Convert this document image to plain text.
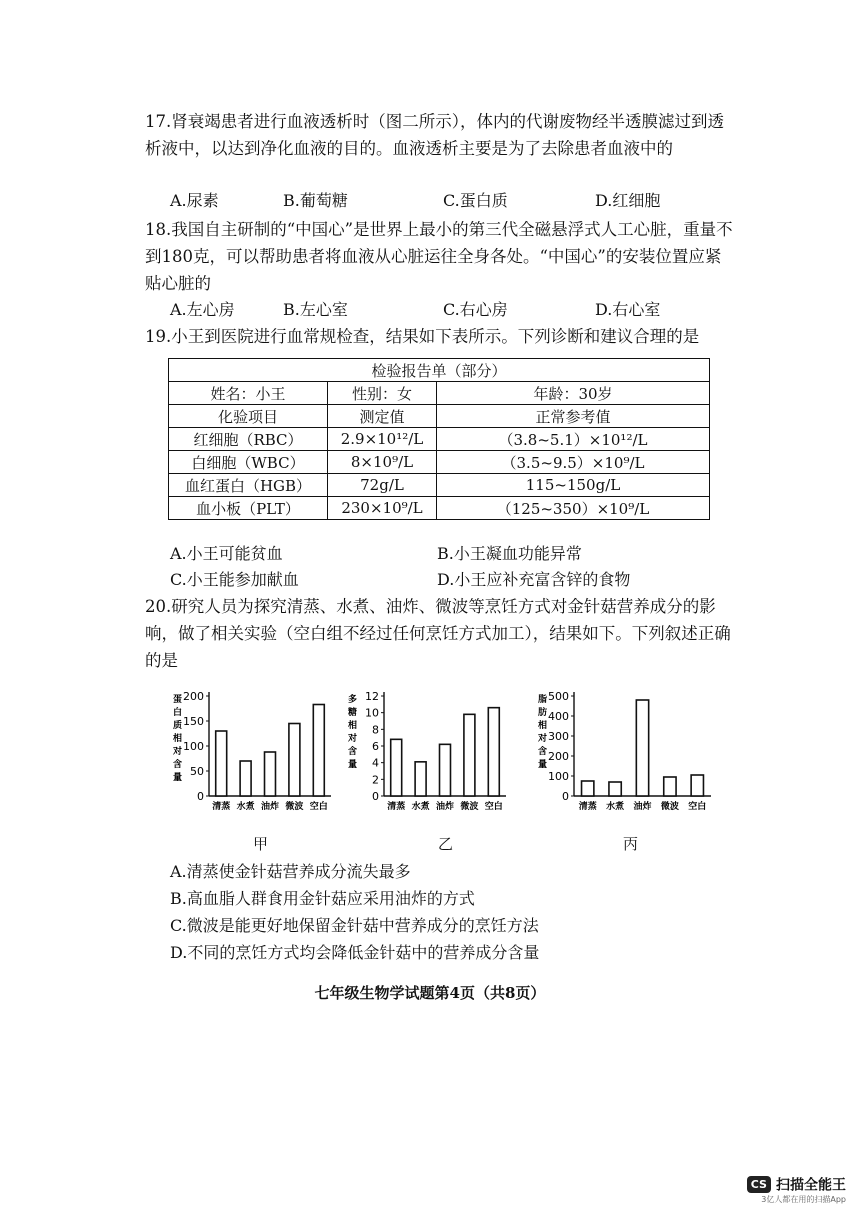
17.肾衰竭患者进行血液透析时（图二所示），体内的代谢废物经半透膜滤过到透析液中，以达到净化血液的目的。血液透析主要是为了去除患者血液中的
A.尿素	B.葡萄糖	C.蛋白质	D.红细胞
18.我国自主研制的“中国心”是世界上最小的第三代全磁悬浮式人工心脏，重量不到180克，可以帮助患者将血液从心脏运往全身各处。“中国心”的安装位置应紧贴心脏的
A.左心房	B.左心室	C.右心房	D.右心室
19.小王到医院进行血常规检查，结果如下表所示。下列诊断和建议合理的是
检验报告单（部分）		
姓名：小王	性别：女	年龄：30岁
化验项目	测定值	正常参考值
红细胞（RBC）	2.9×10¹²/L	（3.8~5.1）×10¹²/L
白细胞（WBC）	8×10⁹/L	（3.5~9.5）×10⁹/L
血红蛋白（HGB）	72g/L	115~150g/L
血小板（PLT）	230×10⁹/L	（125~350）×10⁹/L
A.小王可能贫血	B.小王凝血功能异常
C.小王能参加献血	D.小王应补充富含锌的食物
20.研究人员为探究清蒸、水煮、油炸、微波等烹饪方式对金针菇营养成分的影响，做了相关实验（空白组不经过任何烹饪方式加工），结果如下。下列叙述正确的是
蛋白质相对含量
0
50
100
150
200
清蒸 水煮 油炸 微波 空白
多糖相对含量
0
2
4
6
8
10
12
清蒸 水煮 油炸 微波 空白
脂肪相对含量
0
100
200
300
400
500
清蒸 水煮 油炸 微波 空白
甲	乙	丙
A.清蒸使金针菇营养成分流失最多
B.高血脂人群食用金针菇应采用油炸的方式
C.微波是能更好地保留金针菇中营养成分的烹饪方法
D.不同的烹饪方式均会降低金针菇中的营养成分含量
七年级生物学试题第4页（共8页）
CS 扫描全能王
3亿人都在用的扫描App
